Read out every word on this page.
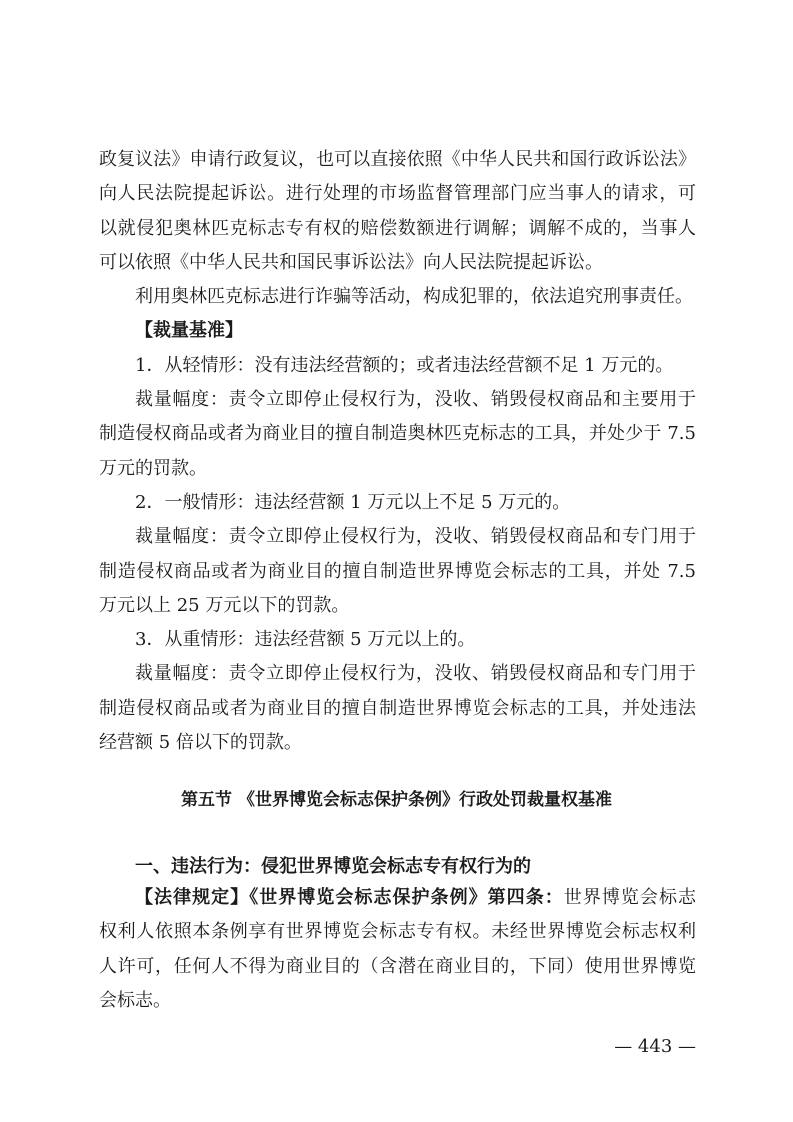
政复议法》申请行政复议，也可以直接依照《中华人民共和国行政诉讼法》

向人民法院提起诉讼。进行处理的市场监督管理部门应当事人的请求，可

以就侵犯奥林匹克标志专有权的赔偿数额进行调解；调解不成的，当事人

可以依照《中华人民共和国民事诉讼法》向人民法院提起诉讼。

利用奥林匹克标志进行诈骗等活动，构成犯罪的，依法追究刑事责任。

【裁量基准】

1．从轻情形：没有违法经营额的；或者违法经营额不足 1 万元的。

裁量幅度：责令立即停止侵权行为，没收、销毁侵权商品和主要用于

制造侵权商品或者为商业目的擅自制造奥林匹克标志的工具，并处少于 7.5

万元的罚款。

2．一般情形：违法经营额 1 万元以上不足 5 万元的。

裁量幅度：责令立即停止侵权行为，没收、销毁侵权商品和专门用于

制造侵权商品或者为商业目的擅自制造世界博览会标志的工具，并处 7.5

万元以上 25 万元以下的罚款。

3．从重情形：违法经营额 5 万元以上的。

裁量幅度：责令立即停止侵权行为，没收、销毁侵权商品和专门用于

制造侵权商品或者为商业目的擅自制造世界博览会标志的工具，并处违法

经营额 5 倍以下的罚款。

第五节 《世界博览会标志保护条例》行政处罚裁量权基准
一、违法行为：侵犯世界博览会标志专有权行为的

【法律规定】《世界博览会标志保护条例》第四条：世界博览会标志

权利人依照本条例享有世界博览会标志专有权。未经世界博览会标志权利

人许可，任何人不得为商业目的（含潜在商业目的，下同）使用世界博览

会标志。

— 443 —
